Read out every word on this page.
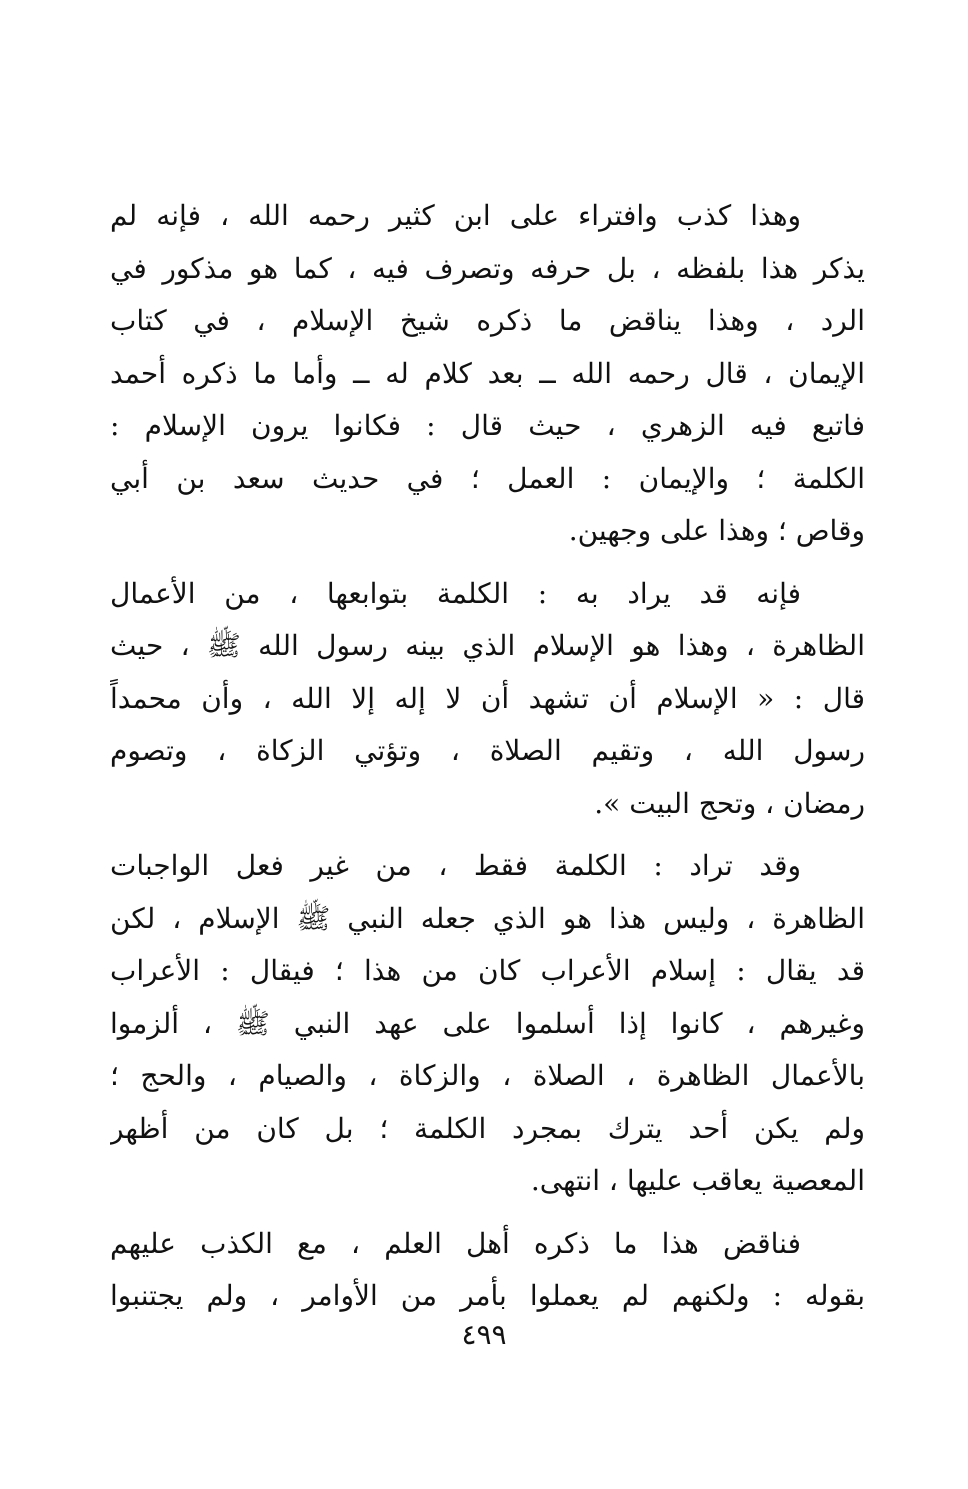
وهذا كذب وافتراء على ابن كثير رحمه الله ، فإنه لم
يذكر هذا بلفظه ، بل حرفه وتصرف فيه ، كما هو مذكور في
الرد ، وهذا يناقض ما ذكره شيخ الإسلام ، في كتاب
الإيمان ، قال رحمه الله ــ بعد كلام له ــ وأما ما ذكره أحمد
فاتبع فيه الزهري ، حيث قال : فكانوا يرون الإسلام :
الكلمة ؛ والإيمان : العمل ؛ في حديث سعد بن أبي
وقاص ؛ وهذا على وجهين.
فإنه قد يراد به : الكلمة بتوابعها ، من الأعمال
الظاهرة ، وهذا هو الإسلام الذي بينه رسول الله ﷺ ، حيث
قال : « الإسلام أن تشهد أن لا إله إلا الله ، وأن محمداً
رسول الله ، وتقيم الصلاة ، وتؤتي الزكاة ، وتصوم
رمضان ، وتحج البيت ».
وقد تراد : الكلمة فقط ، من غير فعل الواجبات
الظاهرة ، وليس هذا هو الذي جعله النبي ﷺ الإسلام ، لكن
قد يقال : إسلام الأعراب كان من هذا ؛ فيقال : الأعراب
وغيرهم ، كانوا إذا أسلموا على عهد النبي ﷺ ، ألزموا
بالأعمال الظاهرة ، الصلاة ، والزكاة ، والصيام ، والحج ؛
ولم يكن أحد يترك بمجرد الكلمة ؛ بل كان من أظهر
المعصية يعاقب عليها ، انتهى.
فناقض هذا ما ذكره أهل العلم ، مع الكذب عليهم
بقوله : ولكنهم لم يعملوا بأمر من الأوامر ، ولم يجتنبوا
٤٩٩
